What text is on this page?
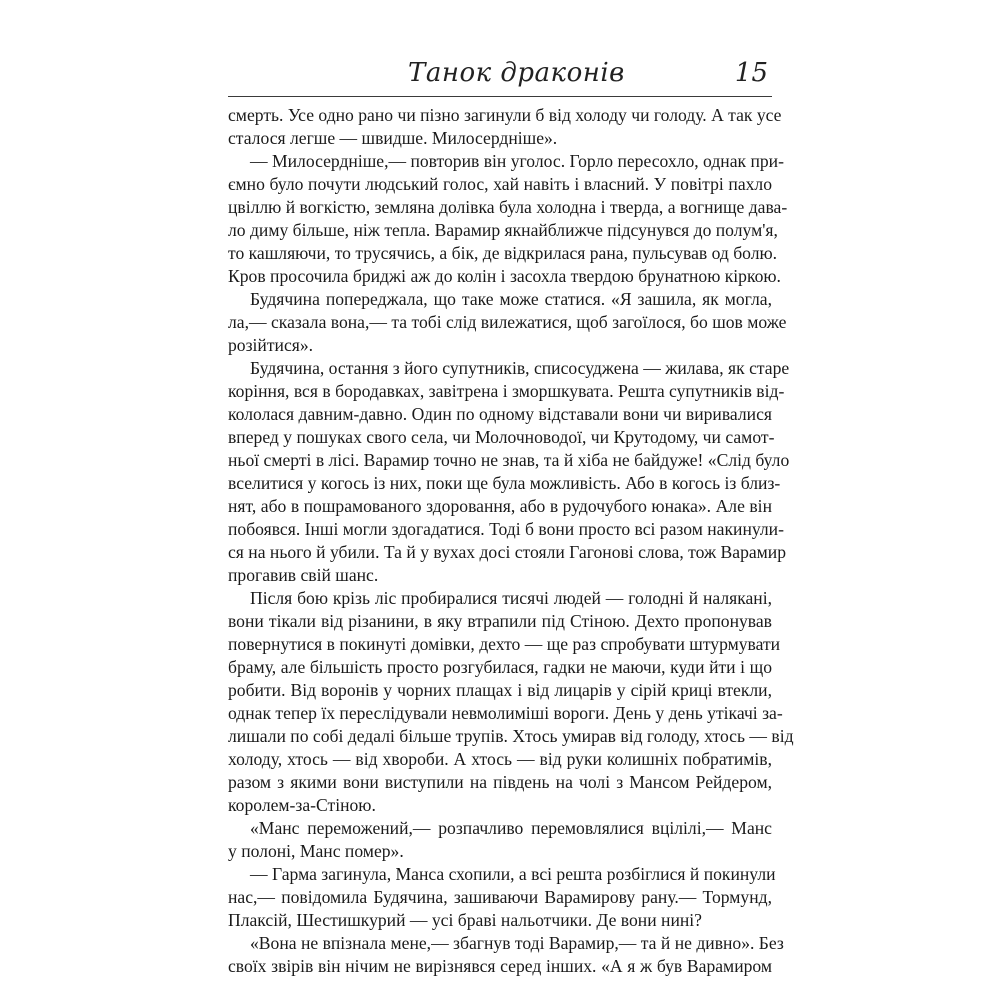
Танок драконів	15
смерть. Усе одно рано чи пізно загинули б від холоду чи голоду. А так усе
сталося легше — швидше. Милосердніше».
— Милосердніше,— повторив він уголос. Горло пересохло, однак при-
ємно було почути людський голос, хай навіть і власний. У повітрі пахло
цвіллю й вогкістю, земляна долівка була холодна і тверда, а вогнище дава-
ло диму більше, ніж тепла. Варамир якнайближче підсунувся до полум'я,
то кашляючи, то трусячись, а бік, де відкрилася рана, пульсував од болю.
Кров просочила бриджі аж до колін і засохла твердою брунатною кіркою.
Будячина попереджала, що таке може статися. «Я зашила, як могла,
ла,— сказала вона,— та тобі слід вилежатися, щоб загоїлося, бо шов може
розійтися».
Будячина, остання з його супутників, списосуджена — жилава, як старе
коріння, вся в бородавках, завітрена і зморшкувата. Решта супутників від-
кололася давним-давно. Один по одному відставали вони чи виривалися
вперед у пошуках свого села, чи Молочноводої, чи Крутодому, чи самот-
ньої смерті в лісі. Варамир точно не знав, та й хіба не байдуже! «Слід було
вселитися у когось із них, поки ще була можливість. Або в когось із близ-
нят, або в пошрамованого здоровання, або в рудочубого юнака». Але він
побоявся. Інші могли здогадатися. Тоді б вони просто всі разом накинули-
ся на нього й убили. Та й у вухах досі стояли Гагонові слова, тож Варамир
прогавив свій шанс.
Після бою крізь ліс пробиралися тисячі людей — голодні й налякані,
вони тікали від різанини, в яку втрапили під Стіною. Дехто пропонував
повернутися в покинуті домівки, дехто — ще раз спробувати штурмувати
браму, але більшість просто розгубилася, гадки не маючи, куди йти і що
робити. Від воронів у чорних плащах і від лицарів у сірій криці втекли,
однак тепер їх переслідували невмолиміші вороги. День у день утікачі за-
лишали по собі дедалі більше трупів. Хтось умирав від голоду, хтось — від
холоду, хтось — від хвороби. А хтось — від руки колишніх побратимів,
разом з якими вони виступили на південь на чолі з Мансом Рейдером,
королем-за-Стіною.
«Манс переможений,— розпачливо перемовлялися вцілілі,— Манс
у полоні, Манс помер».
— Гарма загинула, Манса схопили, а всі решта розбіглися й покинули
нас,— повідомила Будячина, зашиваючи Варамирову рану.— Тормунд,
Плаксій, Шестишкурий — усі браві нальотчики. Де вони нині?
«Вона не впізнала мене,— збагнув тоді Варамир,— та й не дивно». Без
своїх звірів він нічим не вирізнявся серед інших. «А я ж був Варамиром
